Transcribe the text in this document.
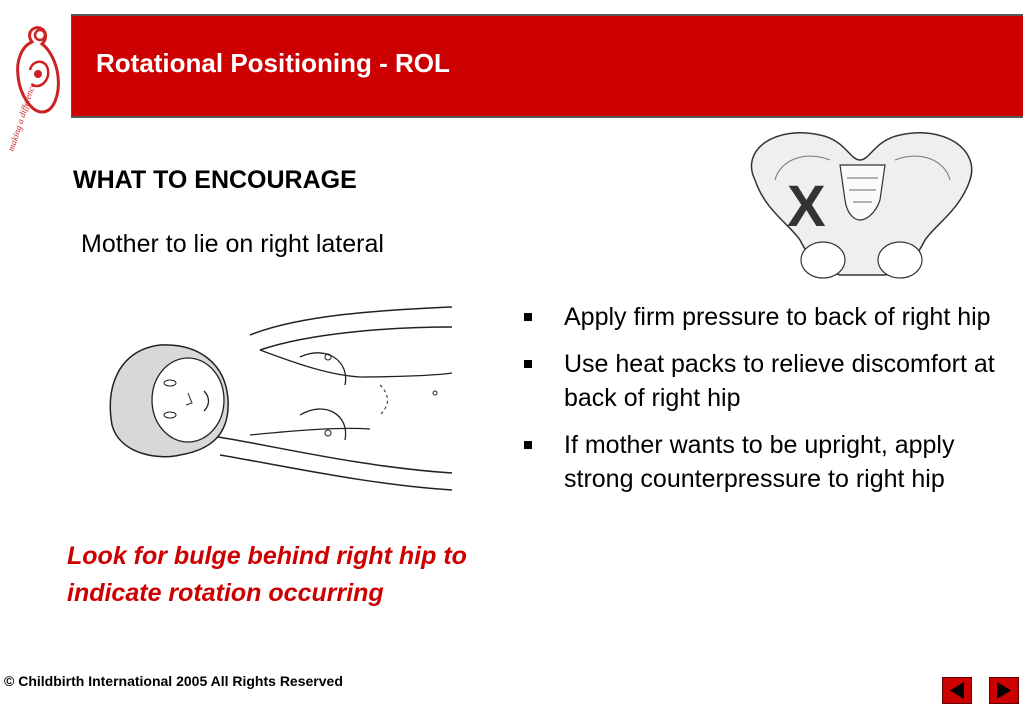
making a difference
Rotational Positioning - ROL
WHAT TO ENCOURAGE
Mother to lie on right lateral
Look for bulge behind right hip to indicate rotation occurring
X
Apply firm pressure to back of right hip
Use heat packs to relieve discomfort at back of right hip
If mother wants to be upright, apply strong counterpressure to right hip
© Childbirth International 2005 All Rights Reserved
